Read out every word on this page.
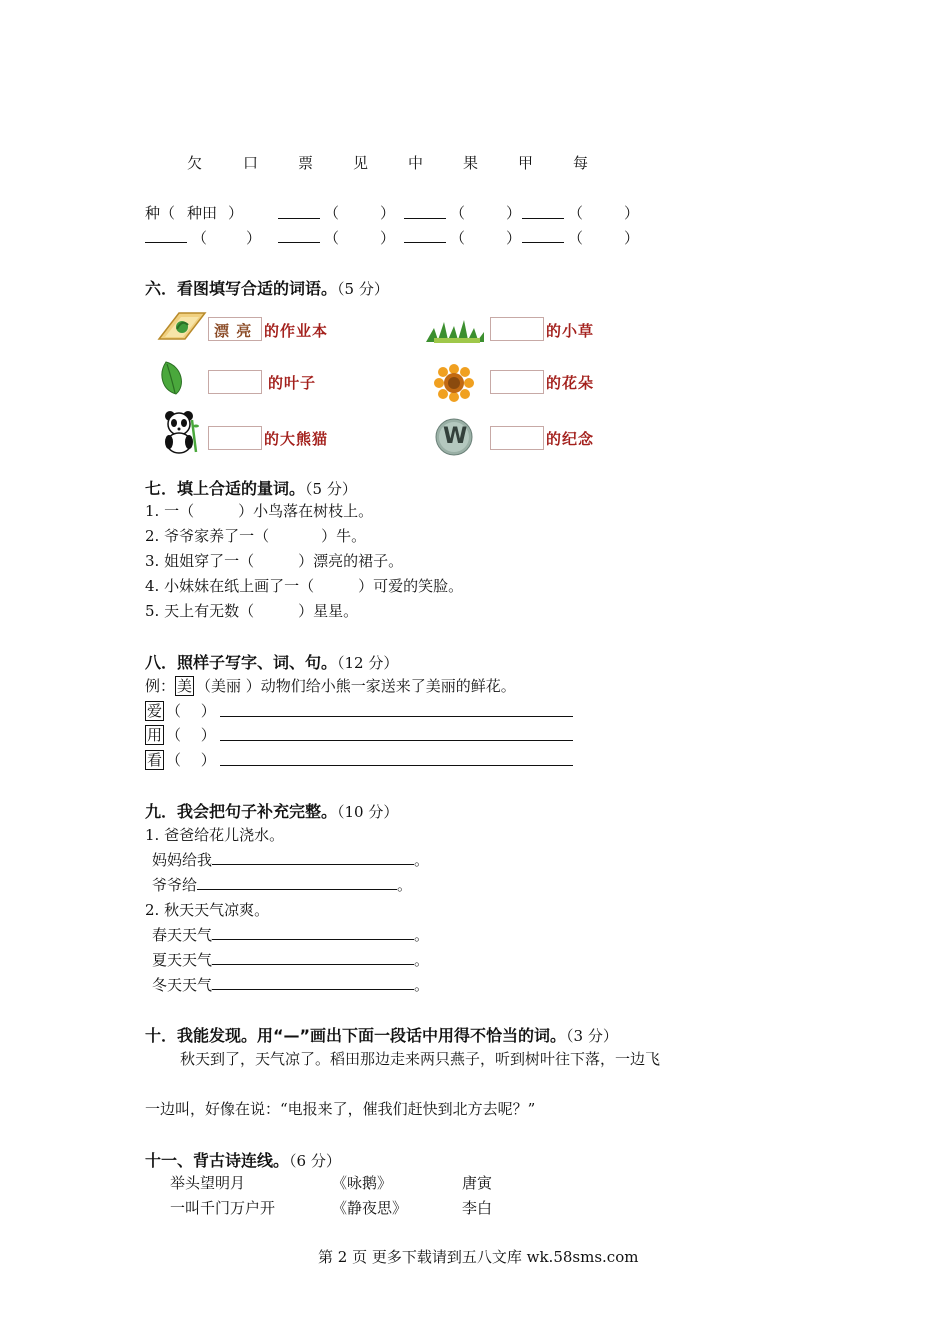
欠	口	票	见	中	果	甲	每
种（ 种田 ）	（	）	（	）	（	）
（	）	（	）	（	）	（	）
六．看图填写合适的词语。（5 分）
漂 亮 的作业本	的小草
的叶子	的花朵
的大熊猫	W	的纪念
七．填上合适的量词。（5 分）
1. 一（	）小鸟落在树枝上。
2. 爷爷家养了一（	）牛。
3. 姐姐穿了一（	）漂亮的裙子。
4. 小妹妹在纸上画了一（	）可爱的笑脸。
5. 天上有无数（	）星星。
八．照样子写字、词、句。（12 分）
例： 美 （美丽 ）动物们给小熊一家送来了美丽的鲜花。
爱 （　 ）
用 （　 ）
看 （　 ）
九．我会把句子补充完整。（10 分）
1. 爸爸给花儿浇水。
妈妈给我	。
爷爷给	。
2. 秋天天气凉爽。
春天天气	。
夏天天气	。
冬天天气	。
十．我能发现。用“—”画出下面一段话中用得不恰当的词。（3 分）
秋天到了，天气凉了。稻田那边走来两只燕子，听到树叶往下落，一边飞
一边叫，好像在说：“电报来了，催我们赶快到北方去呢？”
十一、背古诗连线。（6 分）
举头望明月	《咏鹅》	唐寅
一叫千门万户开	《静夜思》	李白
第 2 页 更多下载请到五八文库 wk.58sms.com
